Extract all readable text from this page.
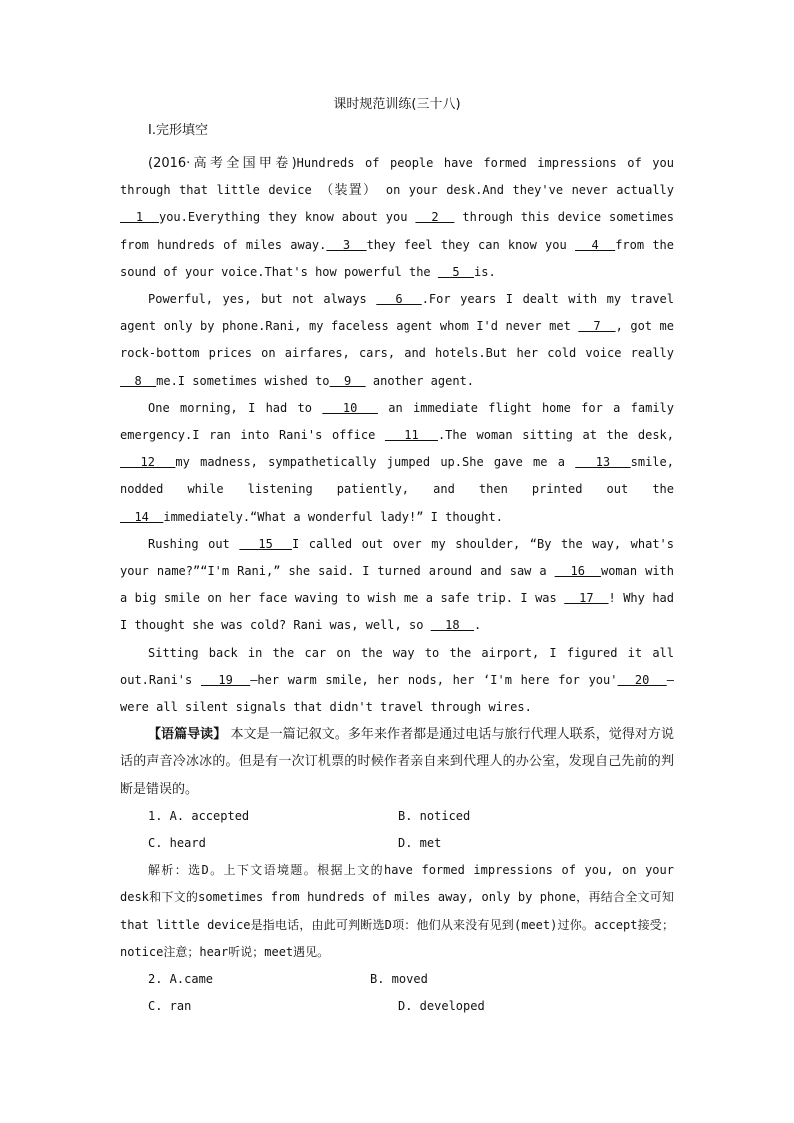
课时规范训练(三十八)
Ⅰ.完形填空

(2016·高考全国甲卷)Hundreds of people have formed impressions of you through that little device （装置） on your desk.And they've never actually   1  you.Everything they know about you   2   through this device sometimes from hundreds of miles away.  3  they feel they can know you   4  from the sound of your voice.That's how powerful the   5  is.

Powerful, yes, but not always   6  .For years I dealt with my travel agent only by phone.Rani, my faceless agent whom I'd never met   7  , got me rock-bottom prices on airfares, cars, and hotels.But her cold voice really   8  me.I sometimes wished to  9   another agent.

One morning, I had to   10   an immediate flight home for a family emergency.I ran into Rani's office   11  .The woman sitting at the desk,   12  my madness, sympathetically jumped up.She gave me a   13  smile, nodded while listening patiently, and then printed out the   14  immediately.“What a wonderful lady!” I thought.

Rushing out   15  I called out over my shoulder, “By the way, what's your name?”“I'm Rani,” she said. I turned around and saw a   16  woman with a big smile on her face waving to wish me a safe trip. I was   17  ! Why had I thought she was cold? Rani was, well, so   18  .

Sitting back in the car on the way to the airport, I figured it all out.Rani's   19  —her warm smile, her nods, her ‘I'm here for you'  20  —were all silent signals that didn't travel through wires.

【语篇导读】 本文是一篇记叙文。多年来作者都是通过电话与旅行代理人联系，觉得对方说话的声音冷冰冰的。但是有一次订机票的时候作者亲自来到代理人的办公室，发现自己先前的判断是错误的。

1. A. accepted	B. noticed
C. heard	D. met

解析：选D。上下文语境题。根据上文的have formed impressions of you, on your desk和下文的sometimes from hundreds of miles away, only by phone，再结合全文可知that little device是指电话，由此可判断选D项：他们从来没有见到(meet)过你。accept接受；notice注意；hear听说；meet遇见。

2. A.came	B. moved
C. ran	D. developed
